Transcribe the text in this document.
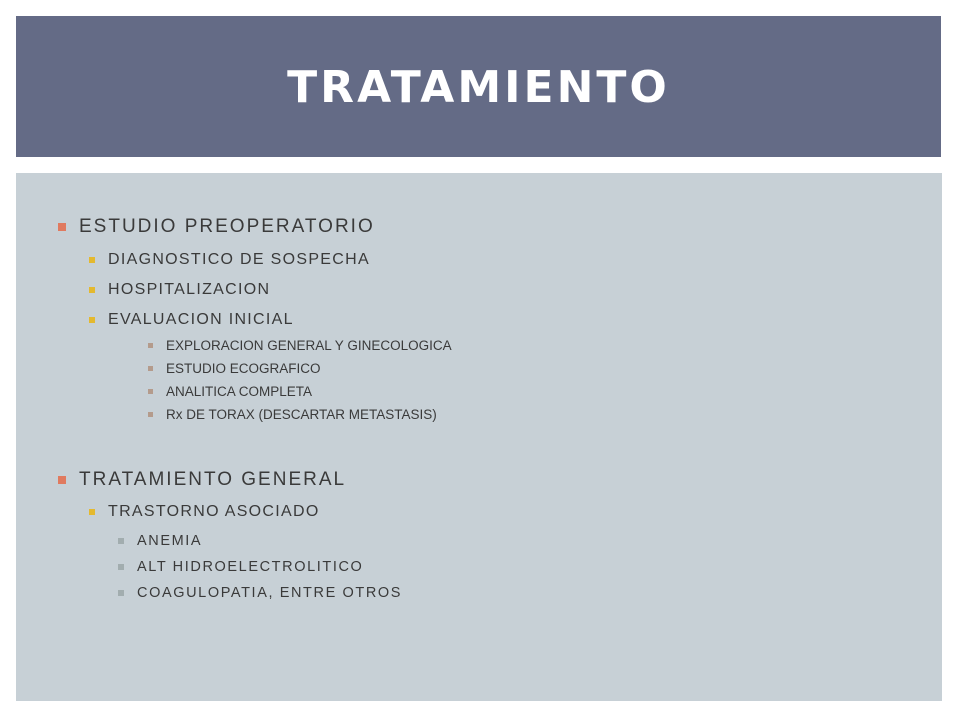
TRATAMIENTO
ESTUDIO PREOPERATORIO
DIAGNOSTICO DE SOSPECHA
HOSPITALIZACION
EVALUACION INICIAL
EXPLORACION GENERAL Y GINECOLOGICA
ESTUDIO ECOGRAFICO
ANALITICA COMPLETA
Rx DE TORAX (DESCARTAR METASTASIS)
TRATAMIENTO GENERAL
TRASTORNO ASOCIADO
ANEMIA
ALT HIDROELECTROLITICO
COAGULOPATIA, ENTRE OTROS
